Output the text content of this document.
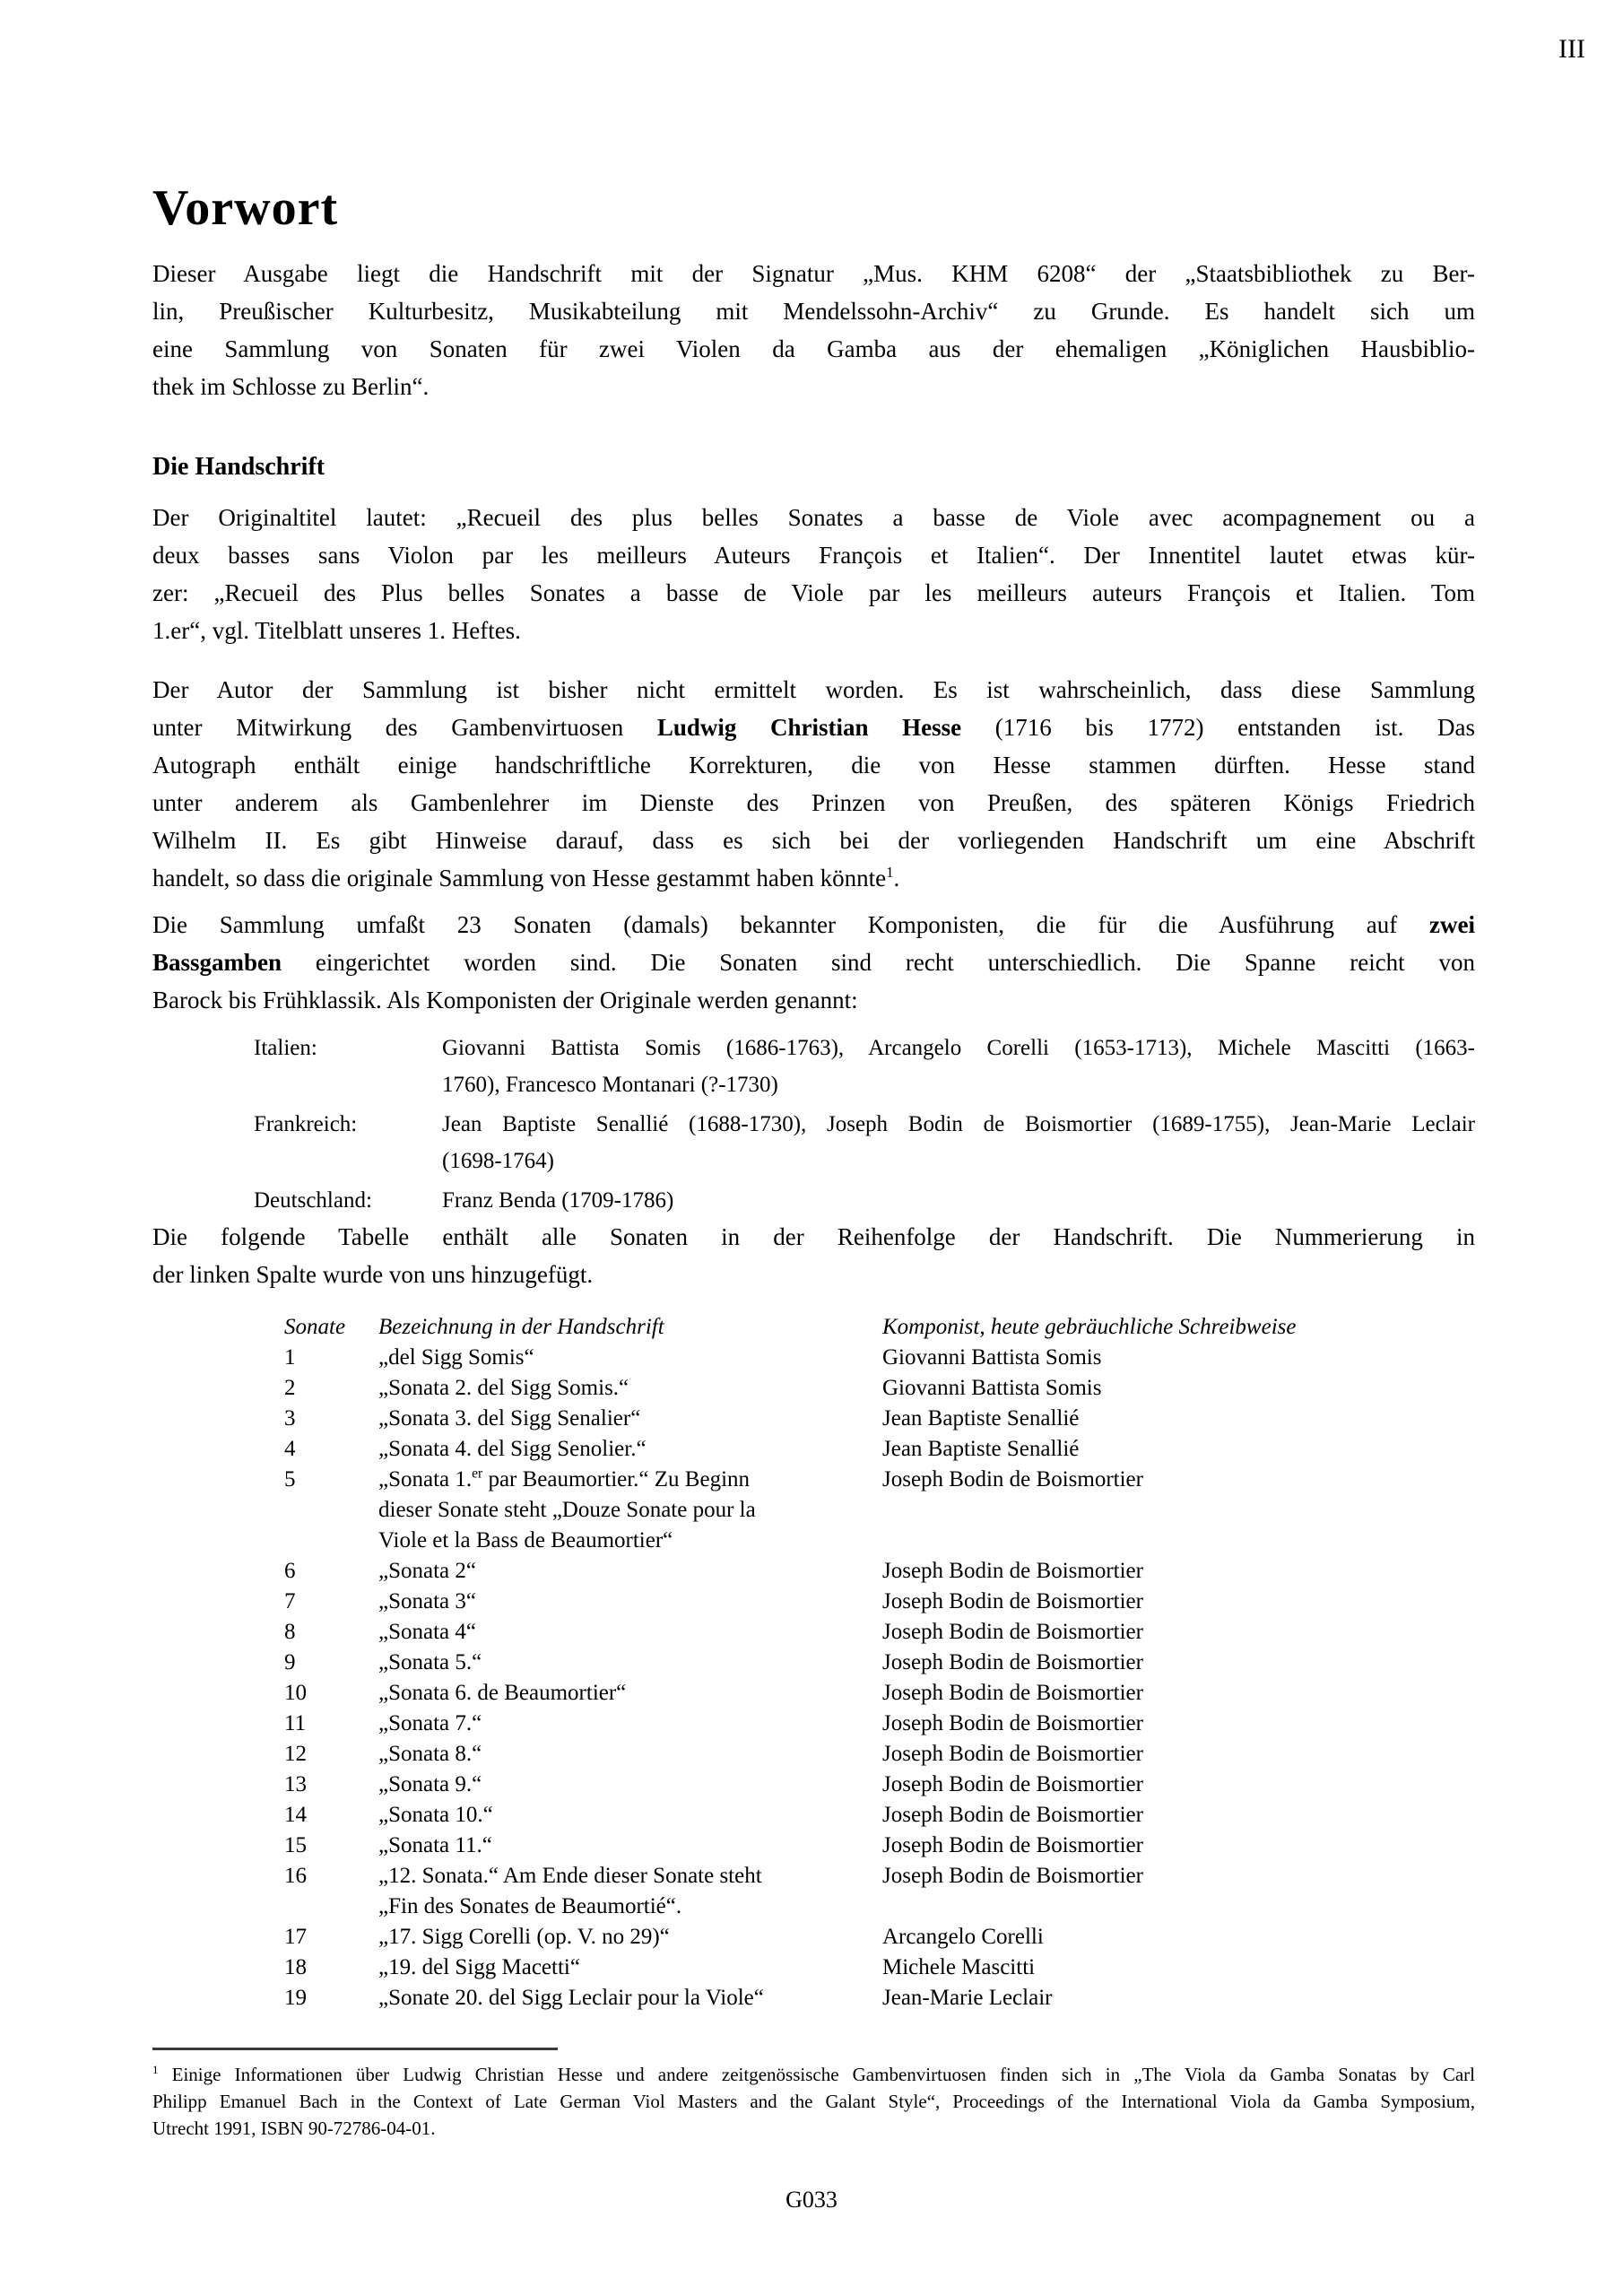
III
Vorwort
Dieser Ausgabe liegt die Handschrift mit der Signatur „Mus. KHM 6208“ der „Staatsbibliothek zu Ber-
lin, Preußischer Kulturbesitz, Musikabteilung mit Mendelssohn-Archiv“ zu Grunde. Es handelt sich um
eine Sammlung von Sonaten für zwei Violen da Gamba aus der ehemaligen „Königlichen Hausbiblio-
thek im Schlosse zu Berlin“.
Die Handschrift
Der Originaltitel lautet: „Recueil des plus belles Sonates a basse de Viole avec acompagnement ou a
deux basses sans Violon par les meilleurs Auteurs François et Italien“. Der Innentitel lautet etwas kür-
zer: „Recueil des Plus belles Sonates a basse de Viole par les meilleurs auteurs François et Italien. Tom
1.er“, vgl. Titelblatt unseres 1. Heftes.
Der Autor der Sammlung ist bisher nicht ermittelt worden. Es ist wahrscheinlich, dass diese Sammlung
unter Mitwirkung des Gambenvirtuosen Ludwig Christian Hesse (1716 bis 1772) entstanden ist. Das
Autograph enthält einige handschriftliche Korrekturen, die von Hesse stammen dürften. Hesse stand
unter anderem als Gambenlehrer im Dienste des Prinzen von Preußen, des späteren Königs Friedrich
Wilhelm II. Es gibt Hinweise darauf, dass es sich bei der vorliegenden Handschrift um eine Abschrift
handelt, so dass die originale Sammlung von Hesse gestammt haben könnte$^1$.
Die Sammlung umfaßt 23 Sonaten (damals) bekannter Komponisten, die für die Ausführung auf zwei
Bassgamben eingerichtet worden sind. Die Sonaten sind recht unterschiedlich. Die Spanne reicht von
Barock bis Frühklassik. Als Komponisten der Originale werden genannt:
Italien:	Giovanni Battista Somis (1686-1763), Arcangelo Corelli (1653-1713), Michele Mascitti (1663-
1760), Francesco Montanari (?-1730)
Frankreich:	Jean Baptiste Senallié (1688-1730), Joseph Bodin de Boismortier (1689-1755), Jean-Marie Leclair
(1698-1764)
Deutschland:	Franz Benda (1709-1786)
Die folgende Tabelle enthält alle Sonaten in der Reihenfolge der Handschrift. Die Nummerierung in
der linken Spalte wurde von uns hinzugefügt.
Sonate	Bezeichnung in der Handschrift	Komponist, heute gebräuchliche Schreibweise
1	„del Sigg Somis“	Giovanni Battista Somis
2	„Sonata 2. del Sigg Somis.“	Giovanni Battista Somis
3	„Sonata 3. del Sigg Senalier“	Jean Baptiste Senallié
4	„Sonata 4. del Sigg Senolier.“	Jean Baptiste Senallié
5	„Sonata 1.$^{er}$ par Beaumortier.“ Zu Beginn	Joseph Bodin de Boismortier
dieser Sonate steht „Douze Sonate pour la
Viole et la Bass de Beaumortier“
6	„Sonata 2“	Joseph Bodin de Boismortier
7	„Sonata 3“	Joseph Bodin de Boismortier
8	„Sonata 4“	Joseph Bodin de Boismortier
9	„Sonata 5.“	Joseph Bodin de Boismortier
10	„Sonata 6. de Beaumortier“	Joseph Bodin de Boismortier
11	„Sonata 7.“	Joseph Bodin de Boismortier
12	„Sonata 8.“	Joseph Bodin de Boismortier
13	„Sonata 9.“	Joseph Bodin de Boismortier
14	„Sonata 10.“	Joseph Bodin de Boismortier
15	„Sonata 11.“	Joseph Bodin de Boismortier
16	„12. Sonata.“ Am Ende dieser Sonate steht	Joseph Bodin de Boismortier
„Fin des Sonates de Beaumortié“.
17	„17. Sigg Corelli (op. V. no 29)“	Arcangelo Corelli
18	„19. del Sigg Macetti“	Michele Mascitti
19	„Sonate 20. del Sigg Leclair pour la Viole“	Jean-Marie Leclair
$^1$ Einige Informationen über Ludwig Christian Hesse und andere zeitgenössische Gambenvirtuosen finden sich in „The Viola da Gamba Sonatas by Carl
Philipp Emanuel Bach in the Context of Late German Viol Masters and the Galant Style“, Proceedings of the International Viola da Gamba Symposium,
Utrecht 1991, ISBN 90-72786-04-01.
G033
